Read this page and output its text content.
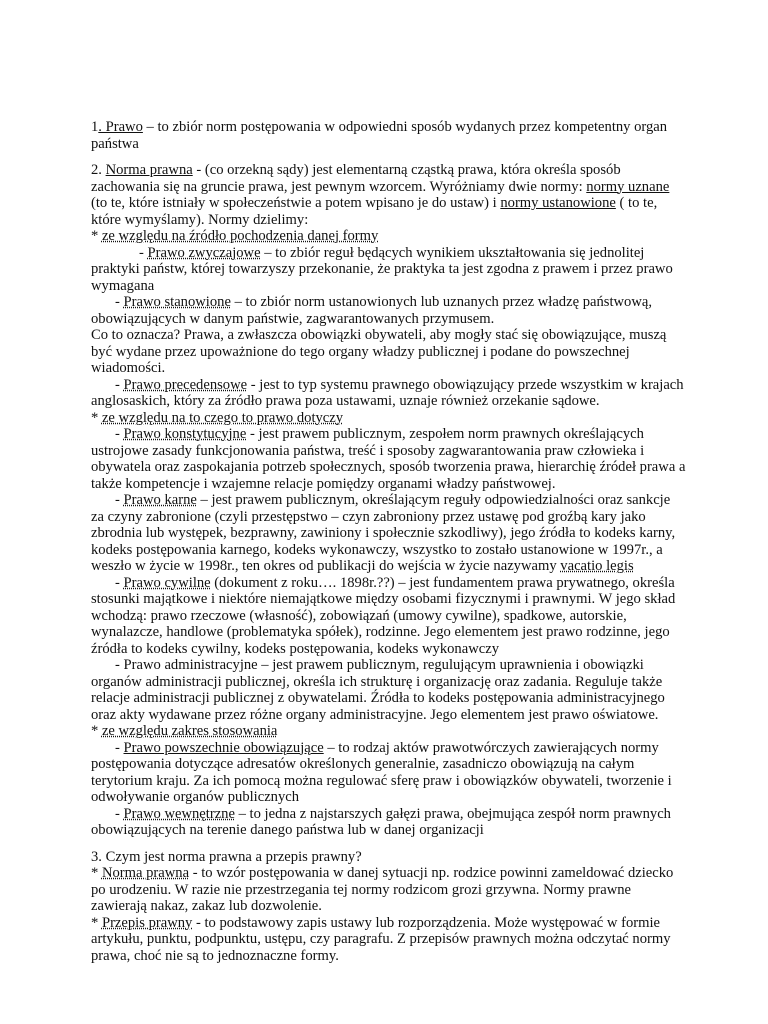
1. Prawo – to zbiór norm postępowania w odpowiedni sposób wydanych przez kompetentny organ państwa

2. Norma prawna - (co orzekną sądy) jest elementarną cząstką prawa, która określa sposób zachowania się na gruncie prawa, jest pewnym wzorcem. Wyróżniamy dwie normy: normy uznane (to te, które istniały w społeczeństwie a potem wpisano je do ustaw) i normy ustanowione ( to te, które wymyślamy). Normy dzielimy:

* ze względu na źródło pochodzenia danej formy

- Prawo zwyczajowe – to zbiór reguł będących wynikiem ukształtowania się jednolitej praktyki państw, której towarzyszy przekonanie, że praktyka ta jest zgodna z prawem i przez prawo wymagana

- Prawo stanowione – to zbiór norm ustanowionych lub uznanych przez władzę państwową, obowiązujących w danym państwie, zagwarantowanych przymusem.

Co to oznacza? Prawa, a zwłaszcza obowiązki obywateli, aby mogły stać się obowiązujące, muszą być wydane przez upoważnione do tego organy władzy publicznej i podane do powszechnej wiadomości.

- Prawo precedensowe - jest to typ systemu prawnego obowiązujący przede wszystkim w krajach anglosaskich, który za źródło prawa poza ustawami, uznaje również orzekanie sądowe.

* ze względu na to czego to prawo dotyczy

- Prawo konstytucyjne - jest prawem publicznym, zespołem norm prawnych określających ustrojowe zasady funkcjonowania państwa, treść i sposoby zagwarantowania praw człowieka i obywatela oraz zaspokajania potrzeb społecznych, sposób tworzenia prawa, hierarchię źródeł prawa a także kompetencje i wzajemne relacje pomiędzy organami władzy państwowej.

- Prawo karne – jest prawem publicznym, określającym reguły odpowiedzialności oraz sankcje za czyny zabronione (czyli przestępstwo – czyn zabroniony przez ustawę pod groźbą kary jako zbrodnia lub występek, bezprawny, zawiniony i społecznie szkodliwy), jego źródła to kodeks karny, kodeks postępowania karnego, kodeks wykonawczy, wszystko to zostało ustanowione w 1997r., a weszło w życie w 1998r., ten okres od publikacji do wejścia w życie nazywamy vacatio legis

- Prawo cywilne (dokument z roku…. 1898r.??) – jest fundamentem prawa prywatnego, określa stosunki majątkowe i niektóre niemajątkowe między osobami fizycznymi i prawnymi. W jego skład wchodzą: prawo rzeczowe (własność), zobowiązań (umowy cywilne), spadkowe, autorskie, wynalazcze, handlowe (problematyka spółek), rodzinne. Jego elementem jest prawo rodzinne, jego źródła to kodeks cywilny, kodeks postępowania, kodeks wykonawczy

- Prawo administracyjne – jest prawem publicznym, regulującym uprawnienia i obowiązki organów administracji publicznej, określa ich strukturę i organizację oraz zadania. Reguluje także relacje administracji publicznej z obywatelami. Źródła to kodeks postępowania administracyjnego oraz akty wydawane przez różne organy administracyjne. Jego elementem jest prawo oświatowe.

* ze względu zakres stosowania

- Prawo powszechnie obowiązujące – to rodzaj aktów prawotwórczych zawierających normy postępowania dotyczące adresatów określonych generalnie, zasadniczo obowiązują na całym terytorium kraju. Za ich pomocą można regulować sferę praw i obowiązków obywateli, tworzenie i odwoływanie organów publicznych

- Prawo wewnętrzne – to jedna z najstarszych gałęzi prawa, obejmująca zespół norm prawnych obowiązujących na terenie danego państwa lub w danej organizacji

3. Czym jest norma prawna a przepis prawny?

* Norma prawna - to wzór postępowania w danej sytuacji np. rodzice powinni zameldować dziecko po urodzeniu. W razie nie przestrzegania tej normy rodzicom grozi grzywna. Normy prawne zawierają nakaz, zakaz lub dozwolenie.

* Przepis prawny - to podstawowy zapis ustawy lub rozporządzenia. Może występować w formie artykułu, punktu, podpunktu, ustępu, czy paragrafu. Z przepisów prawnych można odczytać normy prawa, choć nie są to jednoznaczne formy.
